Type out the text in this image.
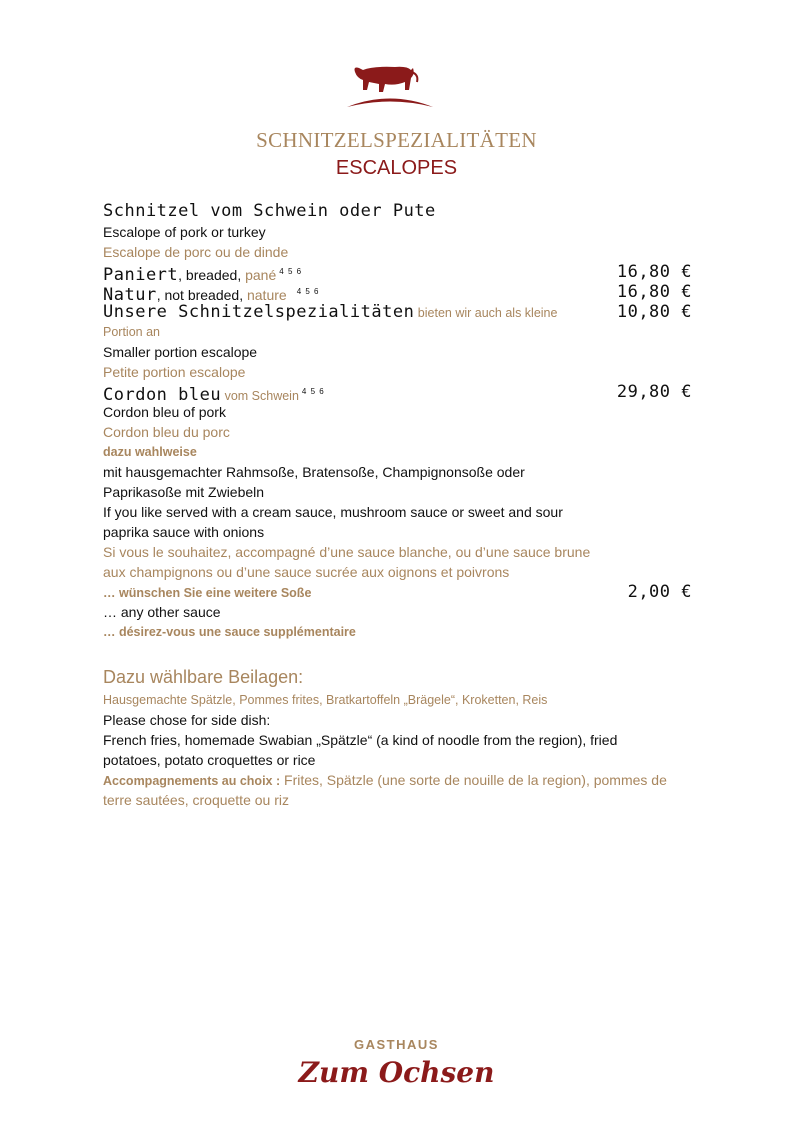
SCHNITZELSPEZIALITÄTEN
ESCALOPES
Schnitzel vom Schwein oder Pute
Escalope of pork or turkey
Escalope de porc ou de dinde
Paniert, breaded, pané $^{4 5 6}$	16,80 €
Natur, not breaded, nature $^{4 5 6}$	16,80 €
Unsere Schnitzelspezialitäten bieten wir auch als kleine	10,80 €
Portion an
Smaller portion escalope
Petite portion escalope
Cordon bleu vom Schwein $^{4 5 6}$	29,80 €
Cordon bleu of pork
Cordon bleu du porc
dazu wahlweise
mit hausgemachter Rahmsoße, Bratensoße, Champignonsoße oder
Paprikasoße mit Zwiebeln
If you like served with a cream sauce, mushroom sauce or sweet and sour
paprika sauce with onions
Si vous le souhaitez, accompagné d’une sauce blanche, ou d’une sauce brune
aux champignons ou d’une sauce sucrée aux oignons et poivrons
… wünschen Sie eine weitere Soße	2,00 €
… any other sauce
… désirez-vous une sauce supplémentaire
Dazu wählbare Beilagen:
Hausgemachte Spätzle, Pommes frites, Bratkartoffeln „Brägele“, Kroketten, Reis
Please chose for side dish:
French fries, homemade Swabian „Spätzle“ (a kind of noodle from the region), fried
potatoes, potato croquettes or rice
Accompagnements au choix : Frites, Spätzle (une sorte de nouille de la region), pommes de
terre sautées, croquette ou riz
GASTHAUS
Zum Ochsen
